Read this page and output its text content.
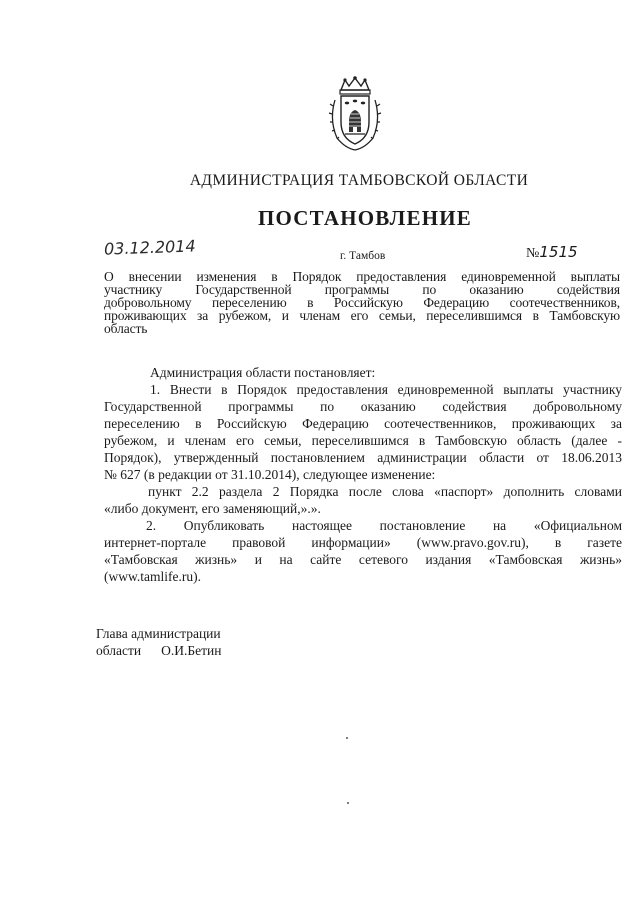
АДМИНИСТРАЦИЯ ТАМБОВСКОЙ ОБЛАСТИ
ПОСТАНОВЛЕНИЕ
03.12.2014	г. Тамбов	№1515
О внесении изменения в Порядок предоставления единовременной выплаты
участнику Государственной программы по оказанию содействия
добровольному переселению в Российскую Федерацию соотечественников,
проживающих за рубежом, и членам его семьи, переселившимся в Тамбовскую
область
Администрация области постановляет:
1. Внести в Порядок предоставления единовременной выплаты участнику
Государственной программы по оказанию содействия добровольному
переселению в Российскую Федерацию соотечественников, проживающих за
рубежом, и членам его семьи, переселившимся в Тамбовскую область (далее -
Порядок), утвержденный постановлением администрации области от 18.06.2013
№ 627 (в редакции от 31.10.2014), следующее изменение:
пункт 2.2 раздела 2 Порядка после слова «паспорт» дополнить словами
«либо документ, его заменяющий,».».
2. Опубликовать настоящее постановление на «Официальном
интернет-портале правовой информации» (www.pravo.gov.ru), в газете
«Тамбовская жизнь» и на сайте сетевого издания «Тамбовская жизнь»
(www.tamlife.ru).
Глава администрации
области О.И.Бетин
